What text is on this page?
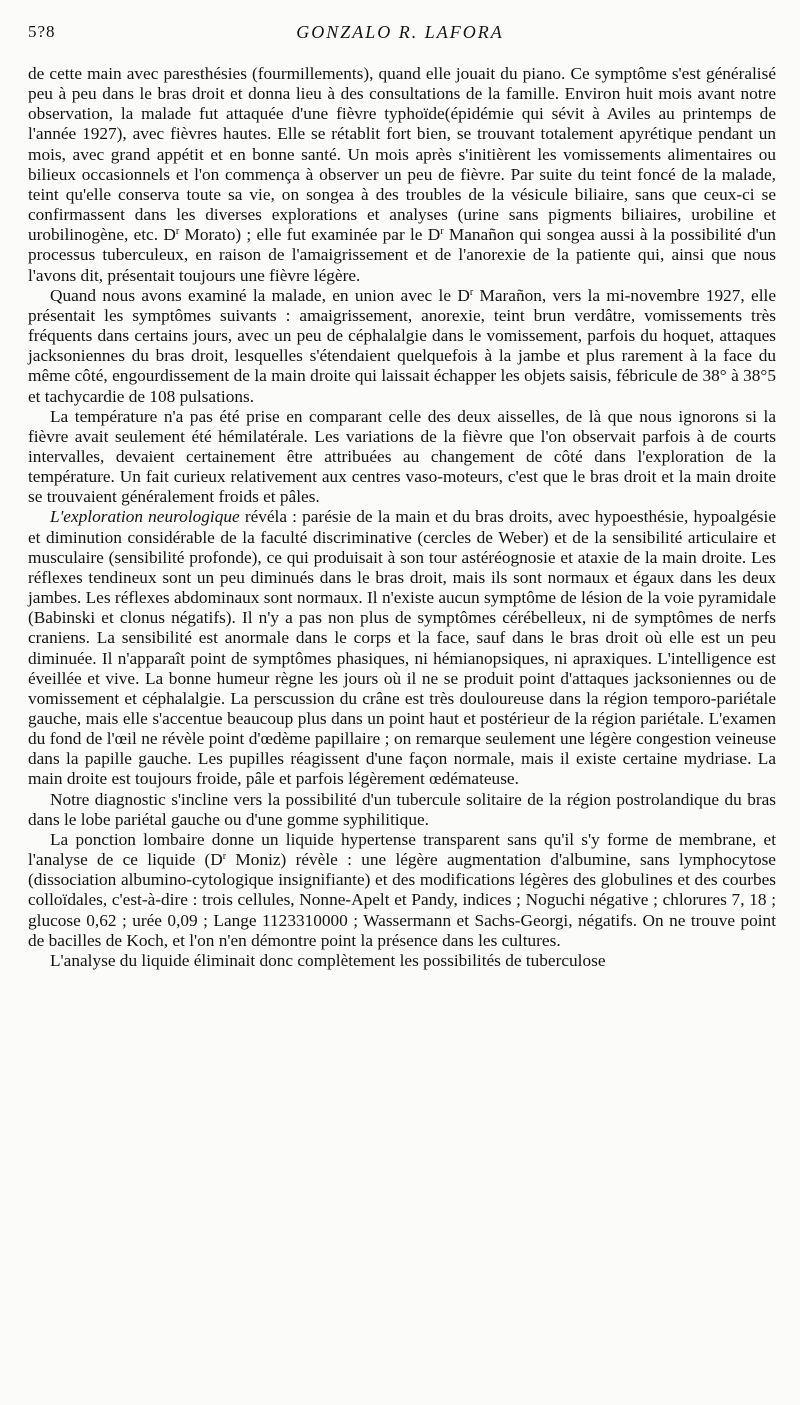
5?8	GONZALO R. LAFORA

de cette main avec paresthésies (fourmillements), quand elle jouait du piano. Ce symptôme s'est généralisé peu à peu dans le bras droit et donna lieu à des consultations de la famille. Environ huit mois avant notre observation, la malade fut attaquée d'une fièvre typhoïde(épidémie qui sévit à Aviles au printemps de l'année 1927), avec fièvres hautes. Elle se rétablit fort bien, se trouvant totalement apyrétique pendant un mois, avec grand appétit et en bonne santé. Un mois après s'initièrent les vomissements alimentaires ou bilieux occasionnels et l'on commença à observer un peu de fièvre. Par suite du teint foncé de la malade, teint qu'elle conserva toute sa vie, on songea à des troubles de la vésicule biliaire, sans que ceux-ci se confirmassent dans les diverses explorations et analyses (urine sans pigments biliaires, urobiline et urobilinogène, etc. $D^r$ Morato) ; elle fut examinée par le $D^r$ Manañon qui songea aussi à la possibilité d'un processus tuberculeux, en raison de l'amaigrissement et de l'anorexie de la patiente qui, ainsi que nous l'avons dit, présentait toujours une fièvre légère.

Quand nous avons examiné la malade, en union avec le $D^r$ Marañon, vers la mi-novembre 1927, elle présentait les symptômes suivants : amaigrissement, anorexie, teint brun verdâtre, vomissements très fréquents dans certains jours, avec un peu de céphalalgie dans le vomissement, parfois du hoquet, attaques jacksoniennes du bras droit, lesquelles s'étendaient quelquefois à la jambe et plus rarement à la face du même côté, engourdissement de la main droite qui laissait échapper les objets saisis, fébricule de 38° à 38°5 et tachycardie de 108 pulsations.

La température n'a pas été prise en comparant celle des deux aisselles, de là que nous ignorons si la fièvre avait seulement été hémilatérale. Les variations de la fièvre que l'on observait parfois à de courts intervalles, devaient certainement être attribuées au changement de côté dans l'exploration de la température. Un fait curieux relativement aux centres vaso-moteurs, c'est que le bras droit et la main droite se trouvaient généralement froids et pâles.

L'exploration neurologique révéla : parésie de la main et du bras droits, avec hypoesthésie, hypoalgésie et diminution considérable de la faculté discriminative (cercles de Weber) et de la sensibilité articulaire et musculaire (sensibilité profonde), ce qui produisait à son tour astéréognosie et ataxie de la main droite. Les réflexes tendineux sont un peu diminués dans le bras droit, mais ils sont normaux et égaux dans les deux jambes. Les réflexes abdominaux sont normaux. Il n'existe aucun symptôme de lésion de la voie pyramidale (Babinski et clonus négatifs). Il n'y a pas non plus de symptômes cérébelleux, ni de symptômes de nerfs craniens. La sensibilité est anormale dans le corps et la face, sauf dans le bras droit où elle est un peu diminuée. Il n'apparaît point de symptômes phasiques, ni hémianopsiques, ni apraxiques. L'intelligence est éveillée et vive. La bonne humeur règne les jours où il ne se produit point d'attaques jacksoniennes ou de vomissement et céphalalgie. La perscussion du crâne est très douloureuse dans la région temporo-pariétale gauche, mais elle s'accentue beaucoup plus dans un point haut et postérieur de la région pariétale. L'examen du fond de l'œil ne révèle point d'œdème papillaire ; on remarque seulement une légère congestion veineuse dans la papille gauche. Les pupilles réagissent d'une façon normale, mais il existe certaine mydriase. La main droite est toujours froide, pâle et parfois légèrement œdémateuse.

Notre diagnostic s'incline vers la possibilité d'un tubercule solitaire de la région postrolandique du bras dans le lobe pariétal gauche ou d'une gomme syphilitique.

La ponction lombaire donne un liquide hypertense transparent sans qu'il s'y forme de membrane, et l'analyse de ce liquide ($D^r$ Moniz) révèle : une légère augmentation d'albumine, sans lymphocytose (dissociation albumino-cytologique insignifiante) et des modifications légères des globulines et des courbes colloïdales, c'est-à-dire : trois cellules, Nonne-Apelt et Pandy, indices ; Noguchi négative ; chlorures 7, 18 ; glucose 0,62 ; urée 0,09 ; Lange 1123310000 ; Wassermann et Sachs-Georgi, négatifs. On ne trouve point de bacilles de Koch, et l'on n'en démontre point la présence dans les cultures.

L'analyse du liquide éliminait donc complètement les possibilités de tuberculose
